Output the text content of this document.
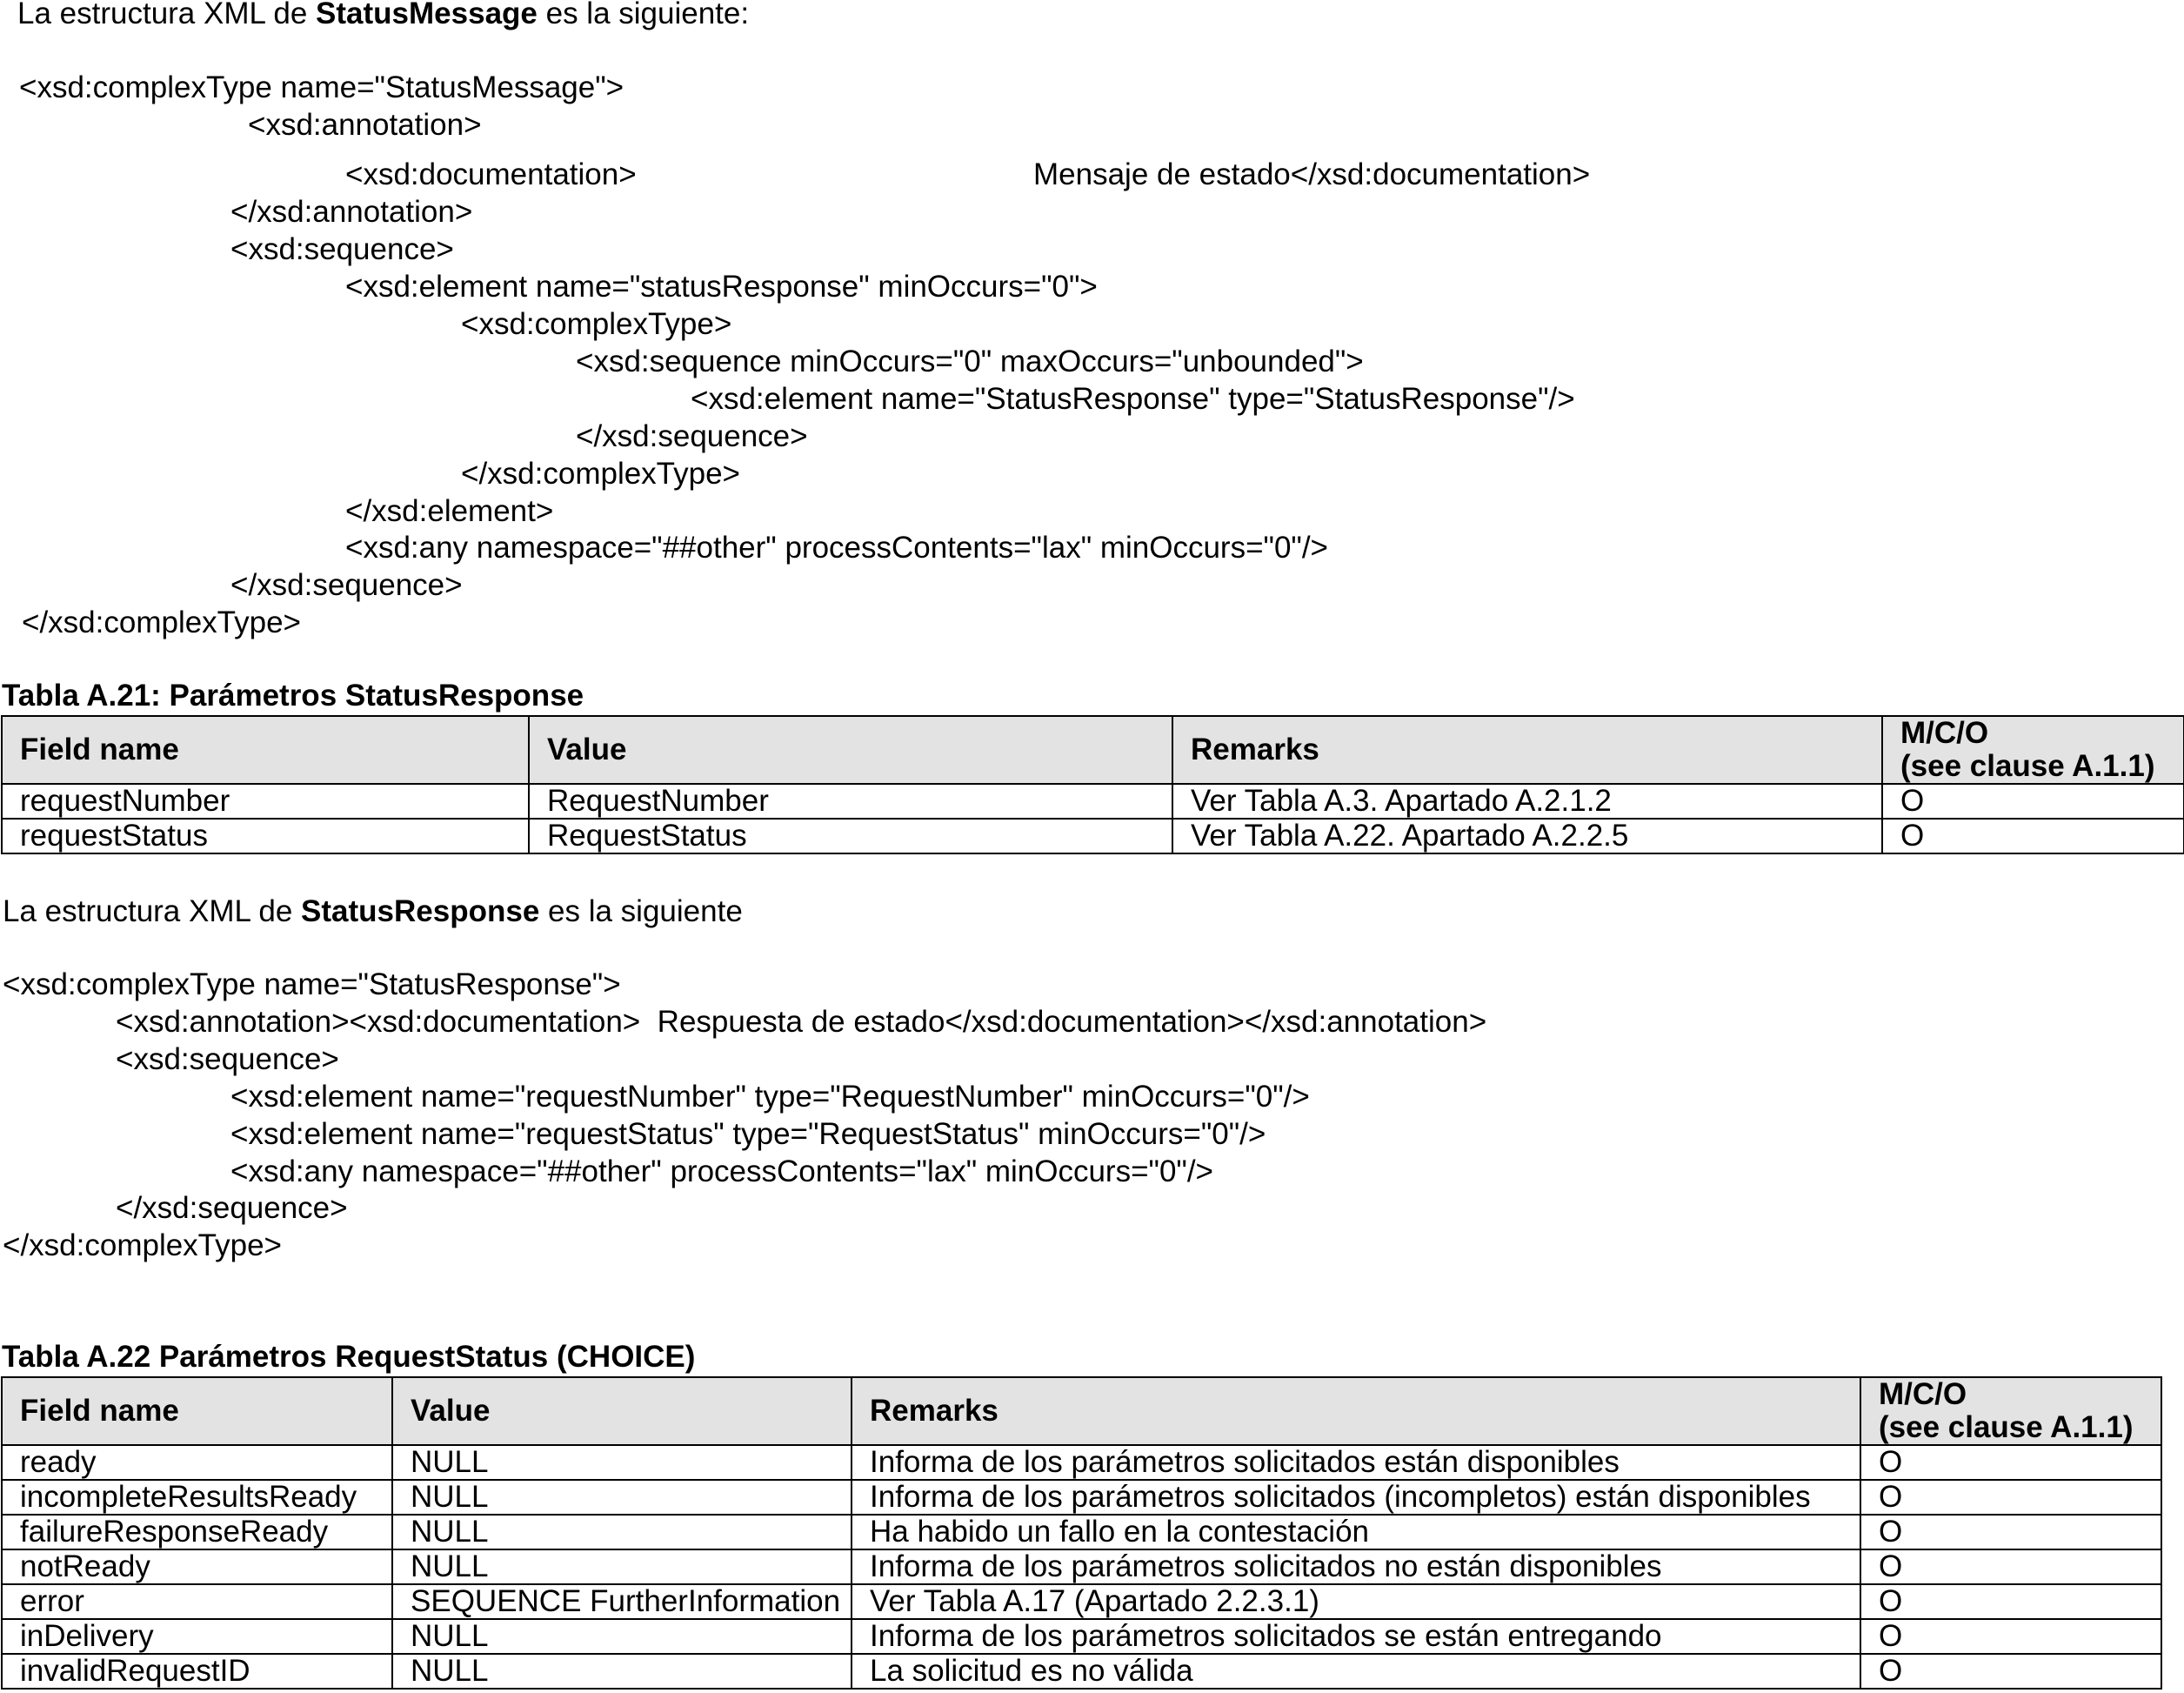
La estructura XML de StatusMessage es la siguiente:
<xsd:complexType name="StatusMessage">
<xsd:annotation>
<xsd:documentation>	Mensaje de estado</xsd:documentation>
</xsd:annotation>
<xsd:sequence>
<xsd:element name="statusResponse" minOccurs="0">
<xsd:complexType>
<xsd:sequence minOccurs="0" maxOccurs="unbounded">
<xsd:element name="StatusResponse" type="StatusResponse"/>
</xsd:sequence>
</xsd:complexType>
</xsd:element>
<xsd:any namespace="##other" processContents="lax" minOccurs="0"/>
</xsd:sequence>
</xsd:complexType>
Tabla A.21: Parámetros StatusResponse
Field name	Value	Remarks	M/C/O
(see clause A.1.1)

requestNumber	RequestNumber	Ver Tabla A.3. Apartado A.2.1.2	O
requestStatus	RequestStatus	Ver Tabla A.22. Apartado A.2.2.5	O
La estructura XML de StatusResponse es la siguiente
<xsd:complexType name="StatusResponse">
<xsd:annotation><xsd:documentation>  Respuesta de estado</xsd:documentation></xsd:annotation>
<xsd:sequence>
<xsd:element name="requestNumber" type="RequestNumber" minOccurs="0"/>
<xsd:element name="requestStatus" type="RequestStatus" minOccurs="0"/>
<xsd:any namespace="##other" processContents="lax" minOccurs="0"/>
</xsd:sequence>
</xsd:complexType>
Tabla A.22 Parámetros RequestStatus (CHOICE)
Field name	Value	Remarks	M/C/O
(see clause A.1.1)

ready	NULL	Informa de los parámetros solicitados están disponibles	O
incompleteResultsReady	NULL	Informa de los parámetros solicitados (incompletos) están disponibles	O
failureResponseReady	NULL	Ha habido un fallo en la contestación	O
notReady	NULL	Informa de los parámetros solicitados no están disponibles	O
error	SEQUENCE FurtherInformation	Ver Tabla A.17 (Apartado 2.2.3.1)	O
inDelivery	NULL	Informa de los parámetros solicitados se están entregando	O
invalidRequestID	NULL	La solicitud es no válida	O
